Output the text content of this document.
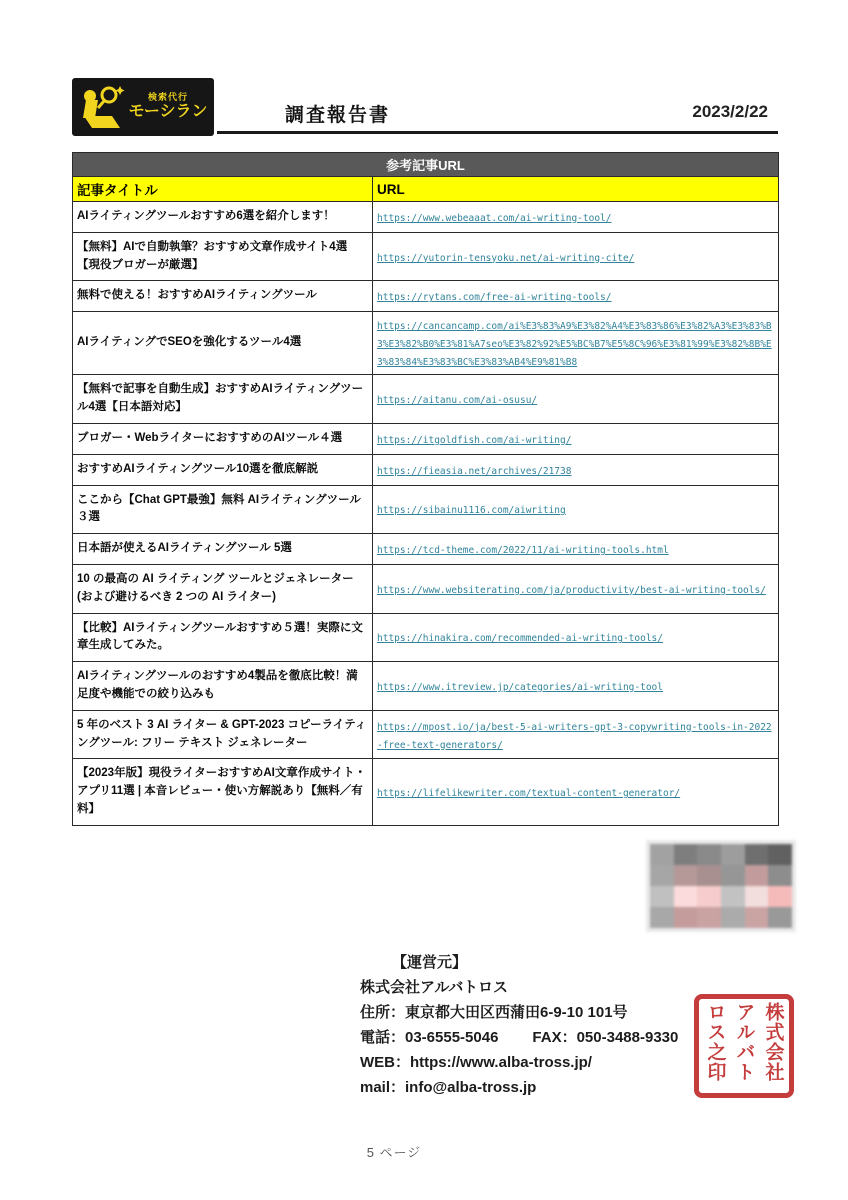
検索代行
モーシラン	調査報告書	2023/2/22
参考記事URL	
記事タイトル	URL
AIライティングツールおすすめ6選を紹介します！	https://www.webeaaat.com/ai-writing-tool/
【無料】AIで自動執筆？おすすめ文章作成サイト4選【現役ブロガーが厳選】	https://yutorin-tensyoku.net/ai-writing-cite/
無料で使える！おすすめAIライティングツール	https://rytans.com/free-ai-writing-tools/
AIライティングでSEOを強化するツール4選	https://cancancamp.com/ai%E3%83%A9%E3%82%A4%E3%83%86%E3%82%A3%E3%83%B3%E3%82%B0%E3%81%A7seo%E3%82%92%E5%BC%B7%E5%8C%96%E3%81%99%E3%82%8B%E3%83%84%E3%83%BC%E3%83%AB4%E9%81%B8
【無料で記事を自動生成】おすすめAIライティングツール4選【日本語対応】	https://aitanu.com/ai-osusu/
ブロガー・WebライターにおすすめのAIツール４選	https://itgoldfish.com/ai-writing/
おすすめAIライティングツール10選を徹底解説	https://fieasia.net/archives/21738
ここから【Chat GPT最強】無料 AIライティングツール３選	https://sibainu1116.com/aiwriting
日本語が使えるAIライティングツール 5選	https://tcd-theme.com/2022/11/ai-writing-tools.html
10 の最高の AI ライティング ツールとジェネレーター (および避けるべき 2 つの AI ライター)	https://www.websiterating.com/ja/productivity/best-ai-writing-tools/
【比較】AIライティングツールおすすめ５選！実際に文章生成してみた。	https://hinakira.com/recommended-ai-writing-tools/
AIライティングツールのおすすめ4製品を徹底比較！満足度や機能での絞り込みも	https://www.itreview.jp/categories/ai-writing-tool
5 年のベスト 3 AI ライター & GPT-2023 コピーライティングツール: フリー テキスト ジェネレーター	https://mpost.io/ja/best-5-ai-writers-gpt-3-copywriting-tools-in-2022-free-text-generators/
【2023年版】現役ライターおすすめAI文章作成サイト・アプリ11選 | 本音レビュー・使い方解説あり【無料／有料】	https://lifelikewriter.com/textual-content-generator/
【運営元】
株式会社アルバトロス
住所：東京都大田区西蒲田6-9-10 101号
電話：03-6555-5046 FAX：050-3488-9330
WEB：https://www.alba-tross.jp/
mail：info@alba-tross.jp
株式会社アルバトロス之印
5 ページ
